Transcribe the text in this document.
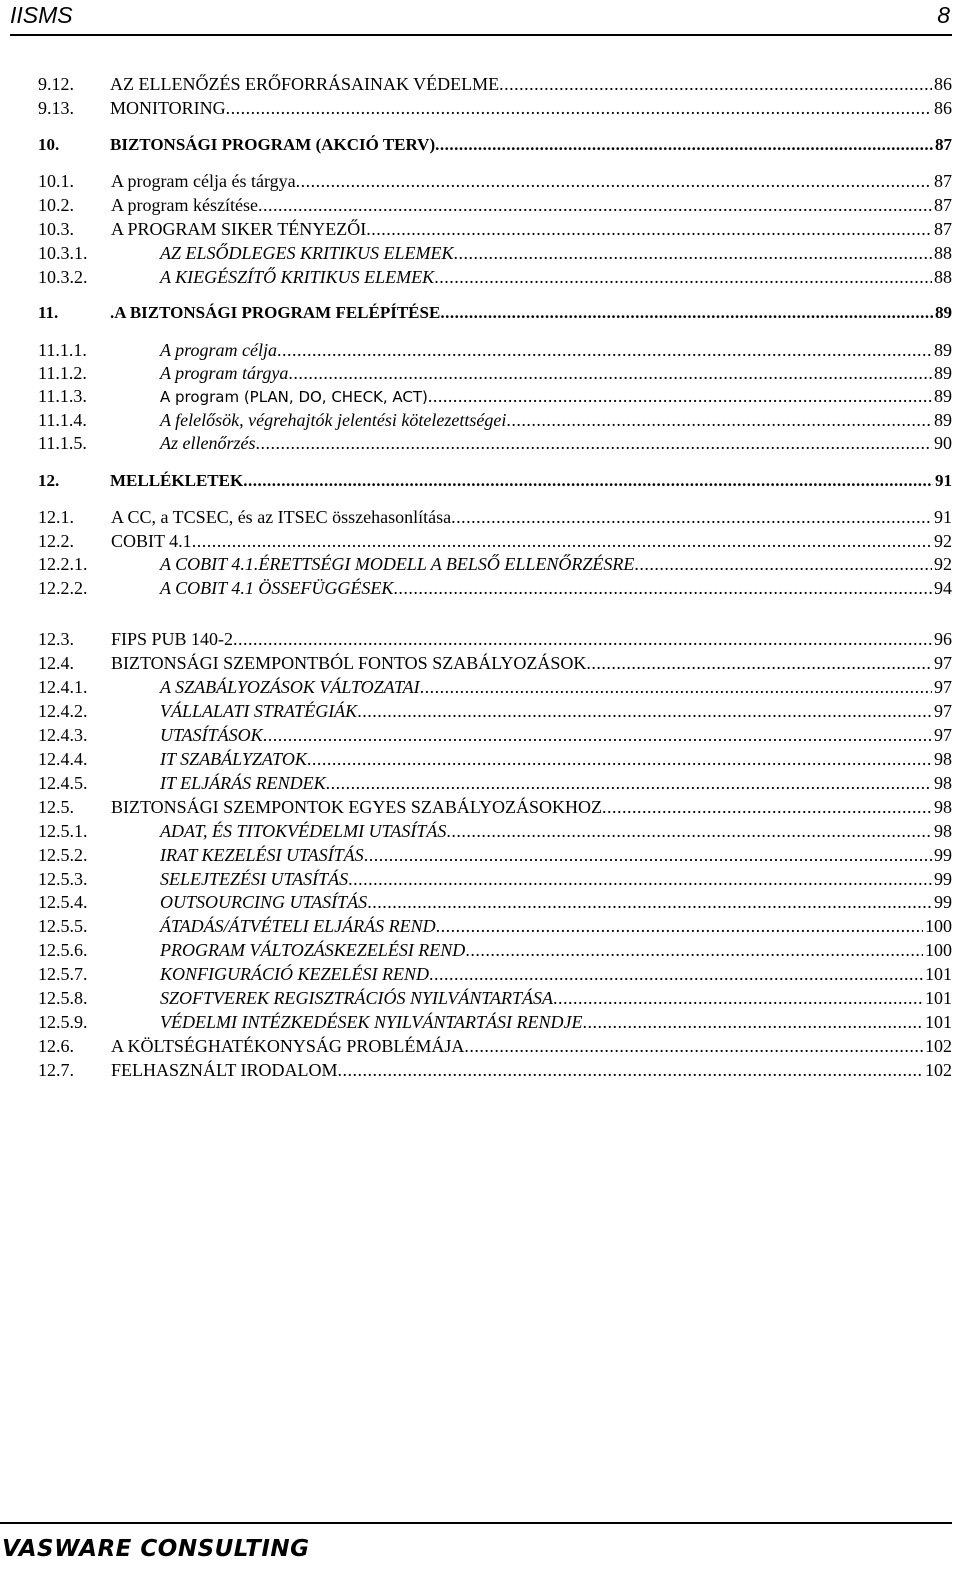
IISMS	8
9.12.	AZ ELLENŐZÉS ERŐFORRÁSAINAK VÉDELME .....	86
9.13.	MONITORING .....	86
10.	BIZTONSÁGI PROGRAM (AKCIÓ TERV) .....	87
10.1.	A program célja és tárgya .....	87
10.2.	A program készítése .....	87
10.3.	A PROGRAM SIKER TÉNYEZŐI .....	87
10.3.1.	AZ ELSŐDLEGES KRITIKUS ELEMEK .....	88
10.3.2.	A KIEGÉSZÍTŐ KRITIKUS ELEMEK .....	88
11.	.A BIZTONSÁGI PROGRAM FELÉPÍTÉSE .....	89
11.1.1.	A program célja .....	89
11.1.2.	A program tárgya .....	89
11.1.3.	A program (PLAN, DO, CHECK, ACT) .....	89
11.1.4.	A felelősök, végrehajtók jelentési kötelezettségei .....	89
11.1.5.	Az ellenőrzés .....	90
12.	MELLÉKLETEK .....	91
12.1.	A CC, a TCSEC, és az ITSEC összehasonlítása .....	91
12.2.	COBIT 4.1 .....	92
12.2.1.	A COBIT 4.1.ÉRETTSÉGI MODELL A BELSŐ ELLENŐRZÉSRE .....	92
12.2.2.	A COBIT 4.1 ÖSSEFÜGGÉSEK .....	94
12.3.	FIPS PUB 140-2 .....	96
12.4.	BIZTONSÁGI SZEMPONTBÓL FONTOS SZABÁLYOZÁSOK .....	97
12.4.1.	A SZABÁLYOZÁSOK VÁLTOZATAI .....	97
12.4.2.	VÁLLALATI STRATÉGIÁK .....	97
12.4.3.	UTASÍTÁSOK .....	97
12.4.4.	IT SZABÁLYZATOK .....	98
12.4.5.	IT ELJÁRÁS RENDEK .....	98
12.5.	BIZTONSÁGI SZEMPONTOK EGYES SZABÁLYOZÁSOKHOZ .....	98
12.5.1.	ADAT, ÉS TITOKVÉDELMI UTASÍTÁS .....	98
12.5.2.	IRAT KEZELÉSI UTASÍTÁS .....	99
12.5.3.	SELEJTEZÉSI UTASÍTÁS .....	99
12.5.4.	OUTSOURCING UTASÍTÁS .....	99
12.5.5.	ÁTADÁS/ÁTVÉTELI ELJÁRÁS REND .....	100
12.5.6.	PROGRAM VÁLTOZÁSKEZELÉSI REND .....	100
12.5.7.	KONFIGURÁCIÓ KEZELÉSI REND .....	101
12.5.8.	SZOFTVEREK REGISZTRÁCIÓS NYILVÁNTARTÁSA .....	101
12.5.9.	VÉDELMI INTÉZKEDÉSEK NYILVÁNTARTÁSI RENDJE .....	101
12.6.	A KÖLTSÉGHATÉKONYSÁG PROBLÉMÁJA .....	102
12.7.	FELHASZNÁLT IRODALOM .....	102
VASWARE CONSULTING
